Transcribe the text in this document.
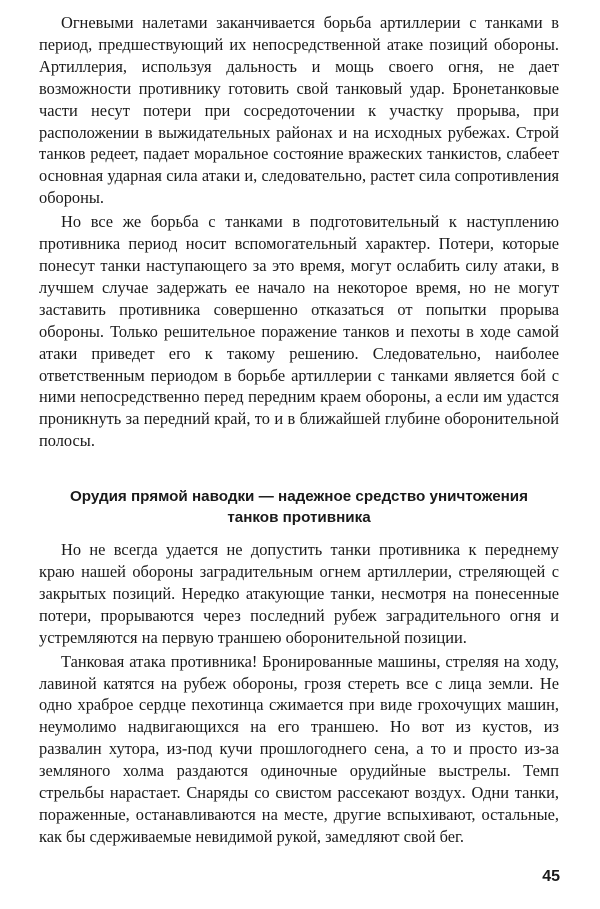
Огневыми налетами заканчивается борьба артиллерии с танками в период, предшествующий их непосредственной атаке позиций обороны. Артиллерия, используя дальность и мощь своего огня, не дает возможности противнику готовить свой танковый удар. Бронетанковые части несут потери при сосредоточении к участку прорыва, при расположении в выжидательных районах и на исходных рубежах. Строй танков редеет, падает моральное состояние вражеских танкистов, слабеет основная ударная сила атаки и, следовательно, растет сила сопротивления обороны.

Но все же борьба с танками в подготовительный к наступлению противника период носит вспомогательный характер. Потери, которые понесут танки наступающего за это время, могут ослабить силу атаки, в лучшем случае задержать ее начало на некоторое время, но не могут заставить противника совершенно отказаться от попытки прорыва обороны. Только решительное поражение танков и пехоты в ходе самой атаки приведет его к такому решению. Следовательно, наиболее ответственным периодом в борьбе артиллерии с танками является бой с ними непосредственно перед передним краем обороны, а если им удастся проникнуть за передний край, то и в ближайшей глубине оборонительной полосы.

Орудия прямой наводки — надежное средство уничтожения
танков противника

Но не всегда удается не допустить танки противника к переднему краю нашей обороны заградительным огнем артиллерии, стреляющей с закрытых позиций. Нередко атакующие танки, несмотря на понесенные потери, прорываются через последний рубеж заградительного огня и устремляются на первую траншею оборонительной позиции.

Танковая атака противника! Бронированные машины, стреляя на ходу, лавиной катятся на рубеж обороны, грозя стереть все с лица земли. Не одно храброе сердце пехотинца сжимается при виде грохочущих машин, неумолимо надвигающихся на его траншею. Но вот из кустов, из развалин хутора, из-под кучи прошлогоднего сена, а то и просто из-за земляного холма раздаются одиночные орудийные выстрелы. Темп стрельбы нарастает. Снаряды со свистом рассекают воздух. Одни танки, пораженные, останавливаются на месте, другие вспыхивают, остальные, как бы сдерживаемые невидимой рукой, замедляют свой бег.

45
